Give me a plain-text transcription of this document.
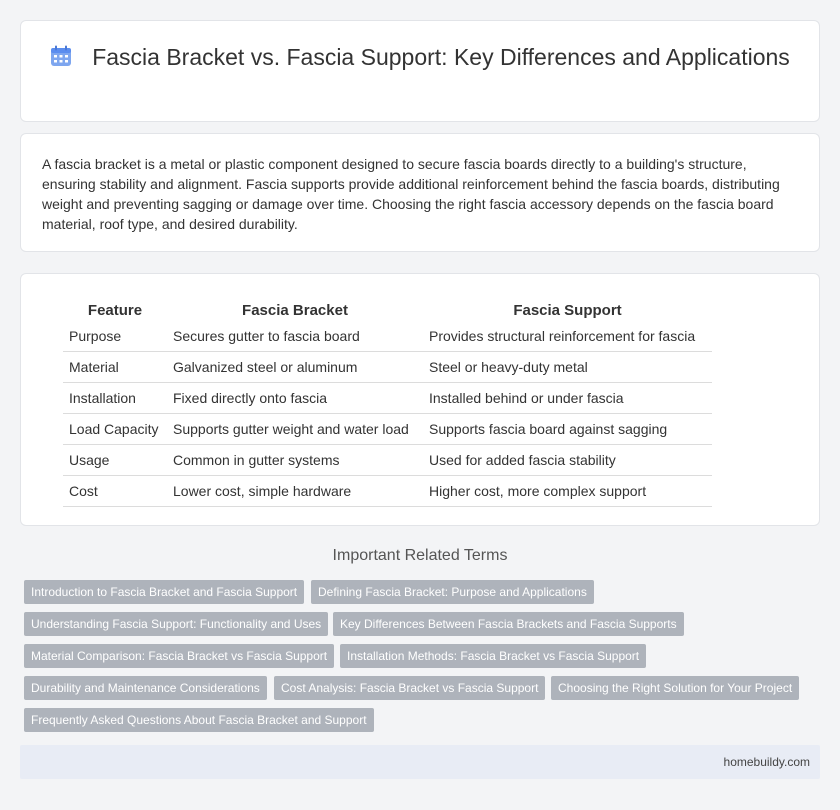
Fascia Bracket vs. Fascia Support: Key Differences and Applications

A fascia bracket is a metal or plastic component designed to secure fascia boards directly to a building's structure, ensuring stability and alignment. Fascia supports provide additional reinforcement behind the fascia boards, distributing weight and preventing sagging or damage over time. Choosing the right fascia accessory depends on the fascia board material, roof type, and desired durability.

Feature	Fascia Bracket	Fascia Support
Purpose	Secures gutter to fascia board	Provides structural reinforcement for fascia
Material	Galvanized steel or aluminum	Steel or heavy-duty metal
Installation	Fixed directly onto fascia	Installed behind or under fascia
Load Capacity	Supports gutter weight and water load	Supports fascia board against sagging
Usage	Common in gutter systems	Used for added fascia stability
Cost	Lower cost, simple hardware	Higher cost, more complex support
Important Related Terms
Introduction to Fascia Bracket and Fascia Support	Defining Fascia Bracket: Purpose and Applications
Understanding Fascia Support: Functionality and Uses	Key Differences Between Fascia Brackets and Fascia Supports
Material Comparison: Fascia Bracket vs Fascia Support	Installation Methods: Fascia Bracket vs Fascia Support
Durability and Maintenance Considerations	Cost Analysis: Fascia Bracket vs Fascia Support	Choosing the Right Solution for Your Project
Frequently Asked Questions About Fascia Bracket and Support
homebuildy.com
